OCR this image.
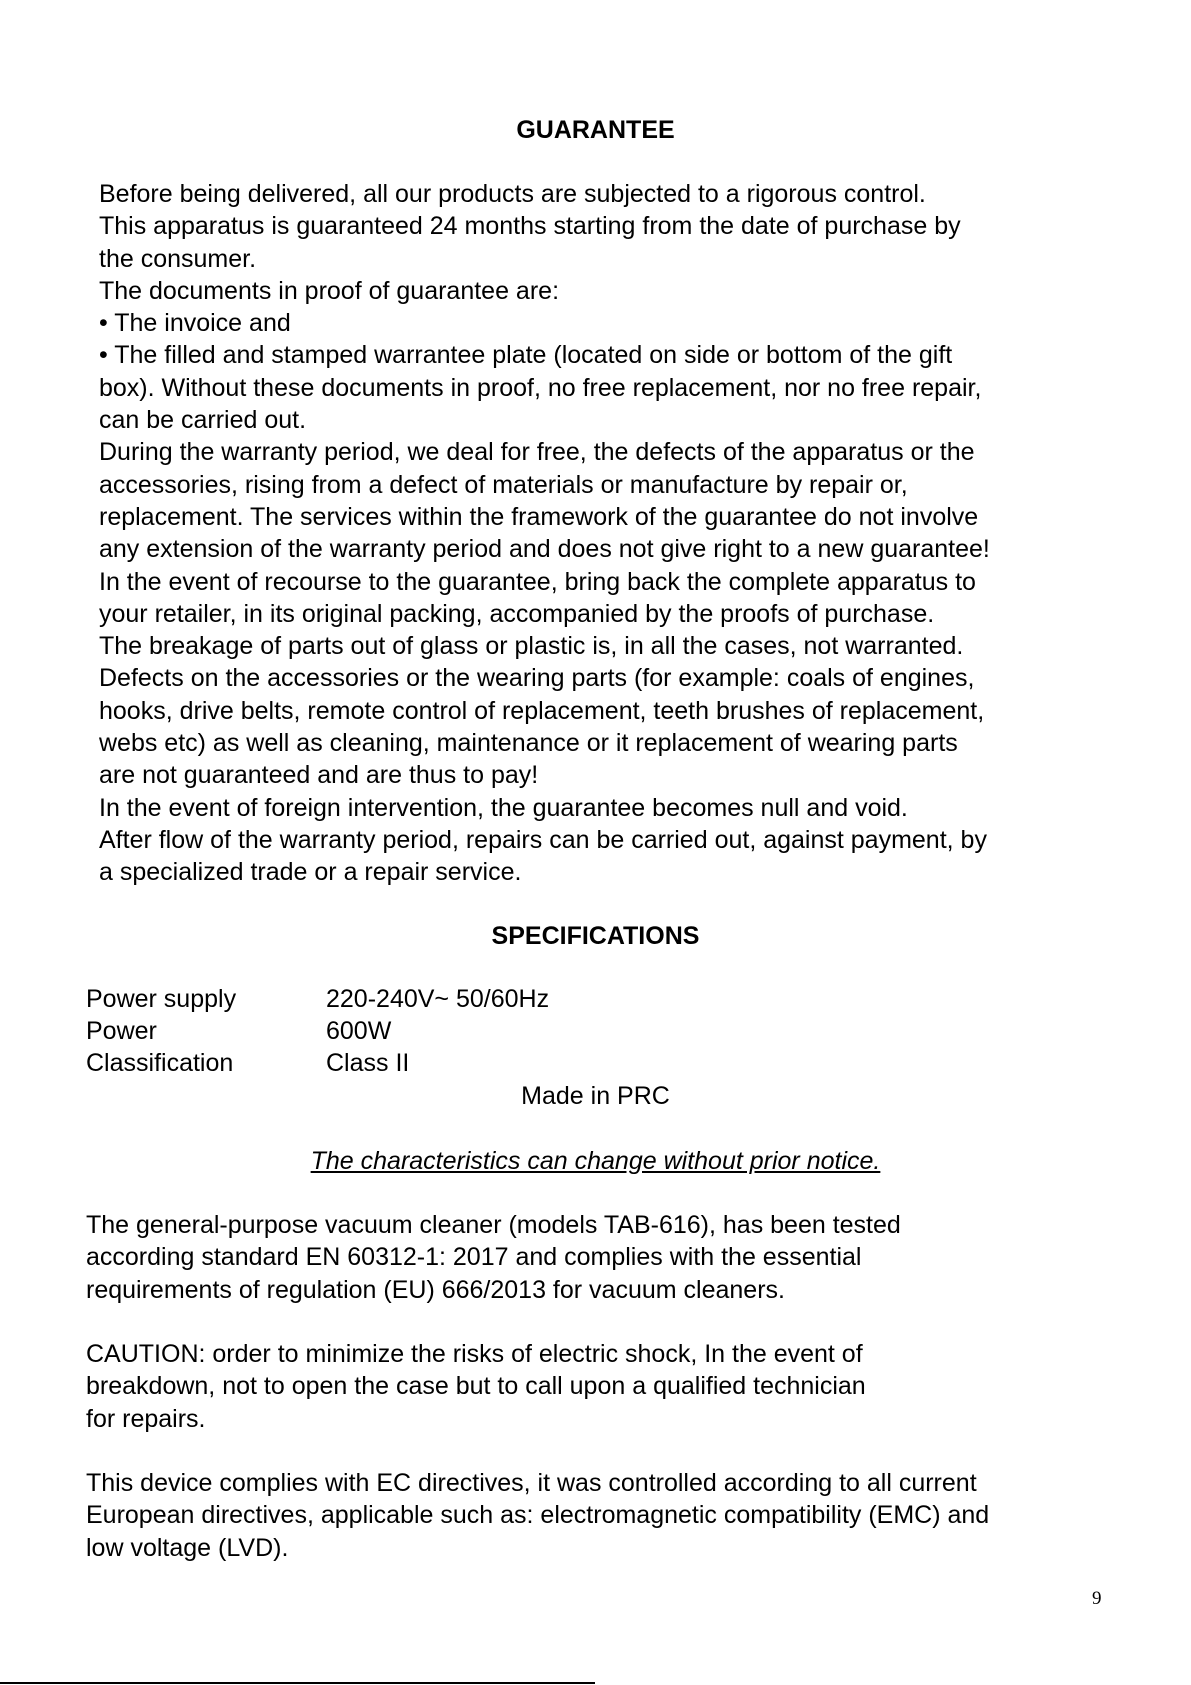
GUARANTEE
Before being delivered, all our products are subjected to a rigorous control.
This apparatus is guaranteed 24 months starting from the date of purchase by
the consumer.
The documents in proof of guarantee are:
• The invoice and
• The filled and stamped warrantee plate (located on side or bottom of the gift
box). Without these documents in proof, no free replacement, nor no free repair,
can be carried out.
During the warranty period, we deal for free, the defects of the apparatus or the
accessories, rising from a defect of materials or manufacture by repair or,
replacement. The services within the framework of the guarantee do not involve
any extension of the warranty period and does not give right to a new guarantee!
In the event of recourse to the guarantee, bring back the complete apparatus to
your retailer, in its original packing, accompanied by the proofs of purchase.
The breakage of parts out of glass or plastic is, in all the cases, not warranted.
Defects on the accessories or the wearing parts (for example: coals of engines,
hooks, drive belts, remote control of replacement, teeth brushes of replacement,
webs etc) as well as cleaning, maintenance or it replacement of wearing parts
are not guaranteed and are thus to pay!
In the event of foreign intervention, the guarantee becomes null and void.
After flow of the warranty period, repairs can be carried out, against payment, by
a specialized trade or a repair service.
SPECIFICATIONS
Power supply	220-240V~ 50/60Hz
Power	600W
Classification	Class II
Made in PRC
The characteristics can change without prior notice.
The general-purpose vacuum cleaner (models TAB-616), has been tested
according standard EN 60312-1: 2017 and complies with the essential
requirements of regulation (EU) 666/2013 for vacuum cleaners.
CAUTION: order to minimize the risks of electric shock, In the event of
breakdown, not to open the case but to call upon a qualified technician
for repairs.
This device complies with EC directives, it was controlled according to all current
European directives, applicable such as: electromagnetic compatibility (EMC) and
low voltage (LVD).
9
